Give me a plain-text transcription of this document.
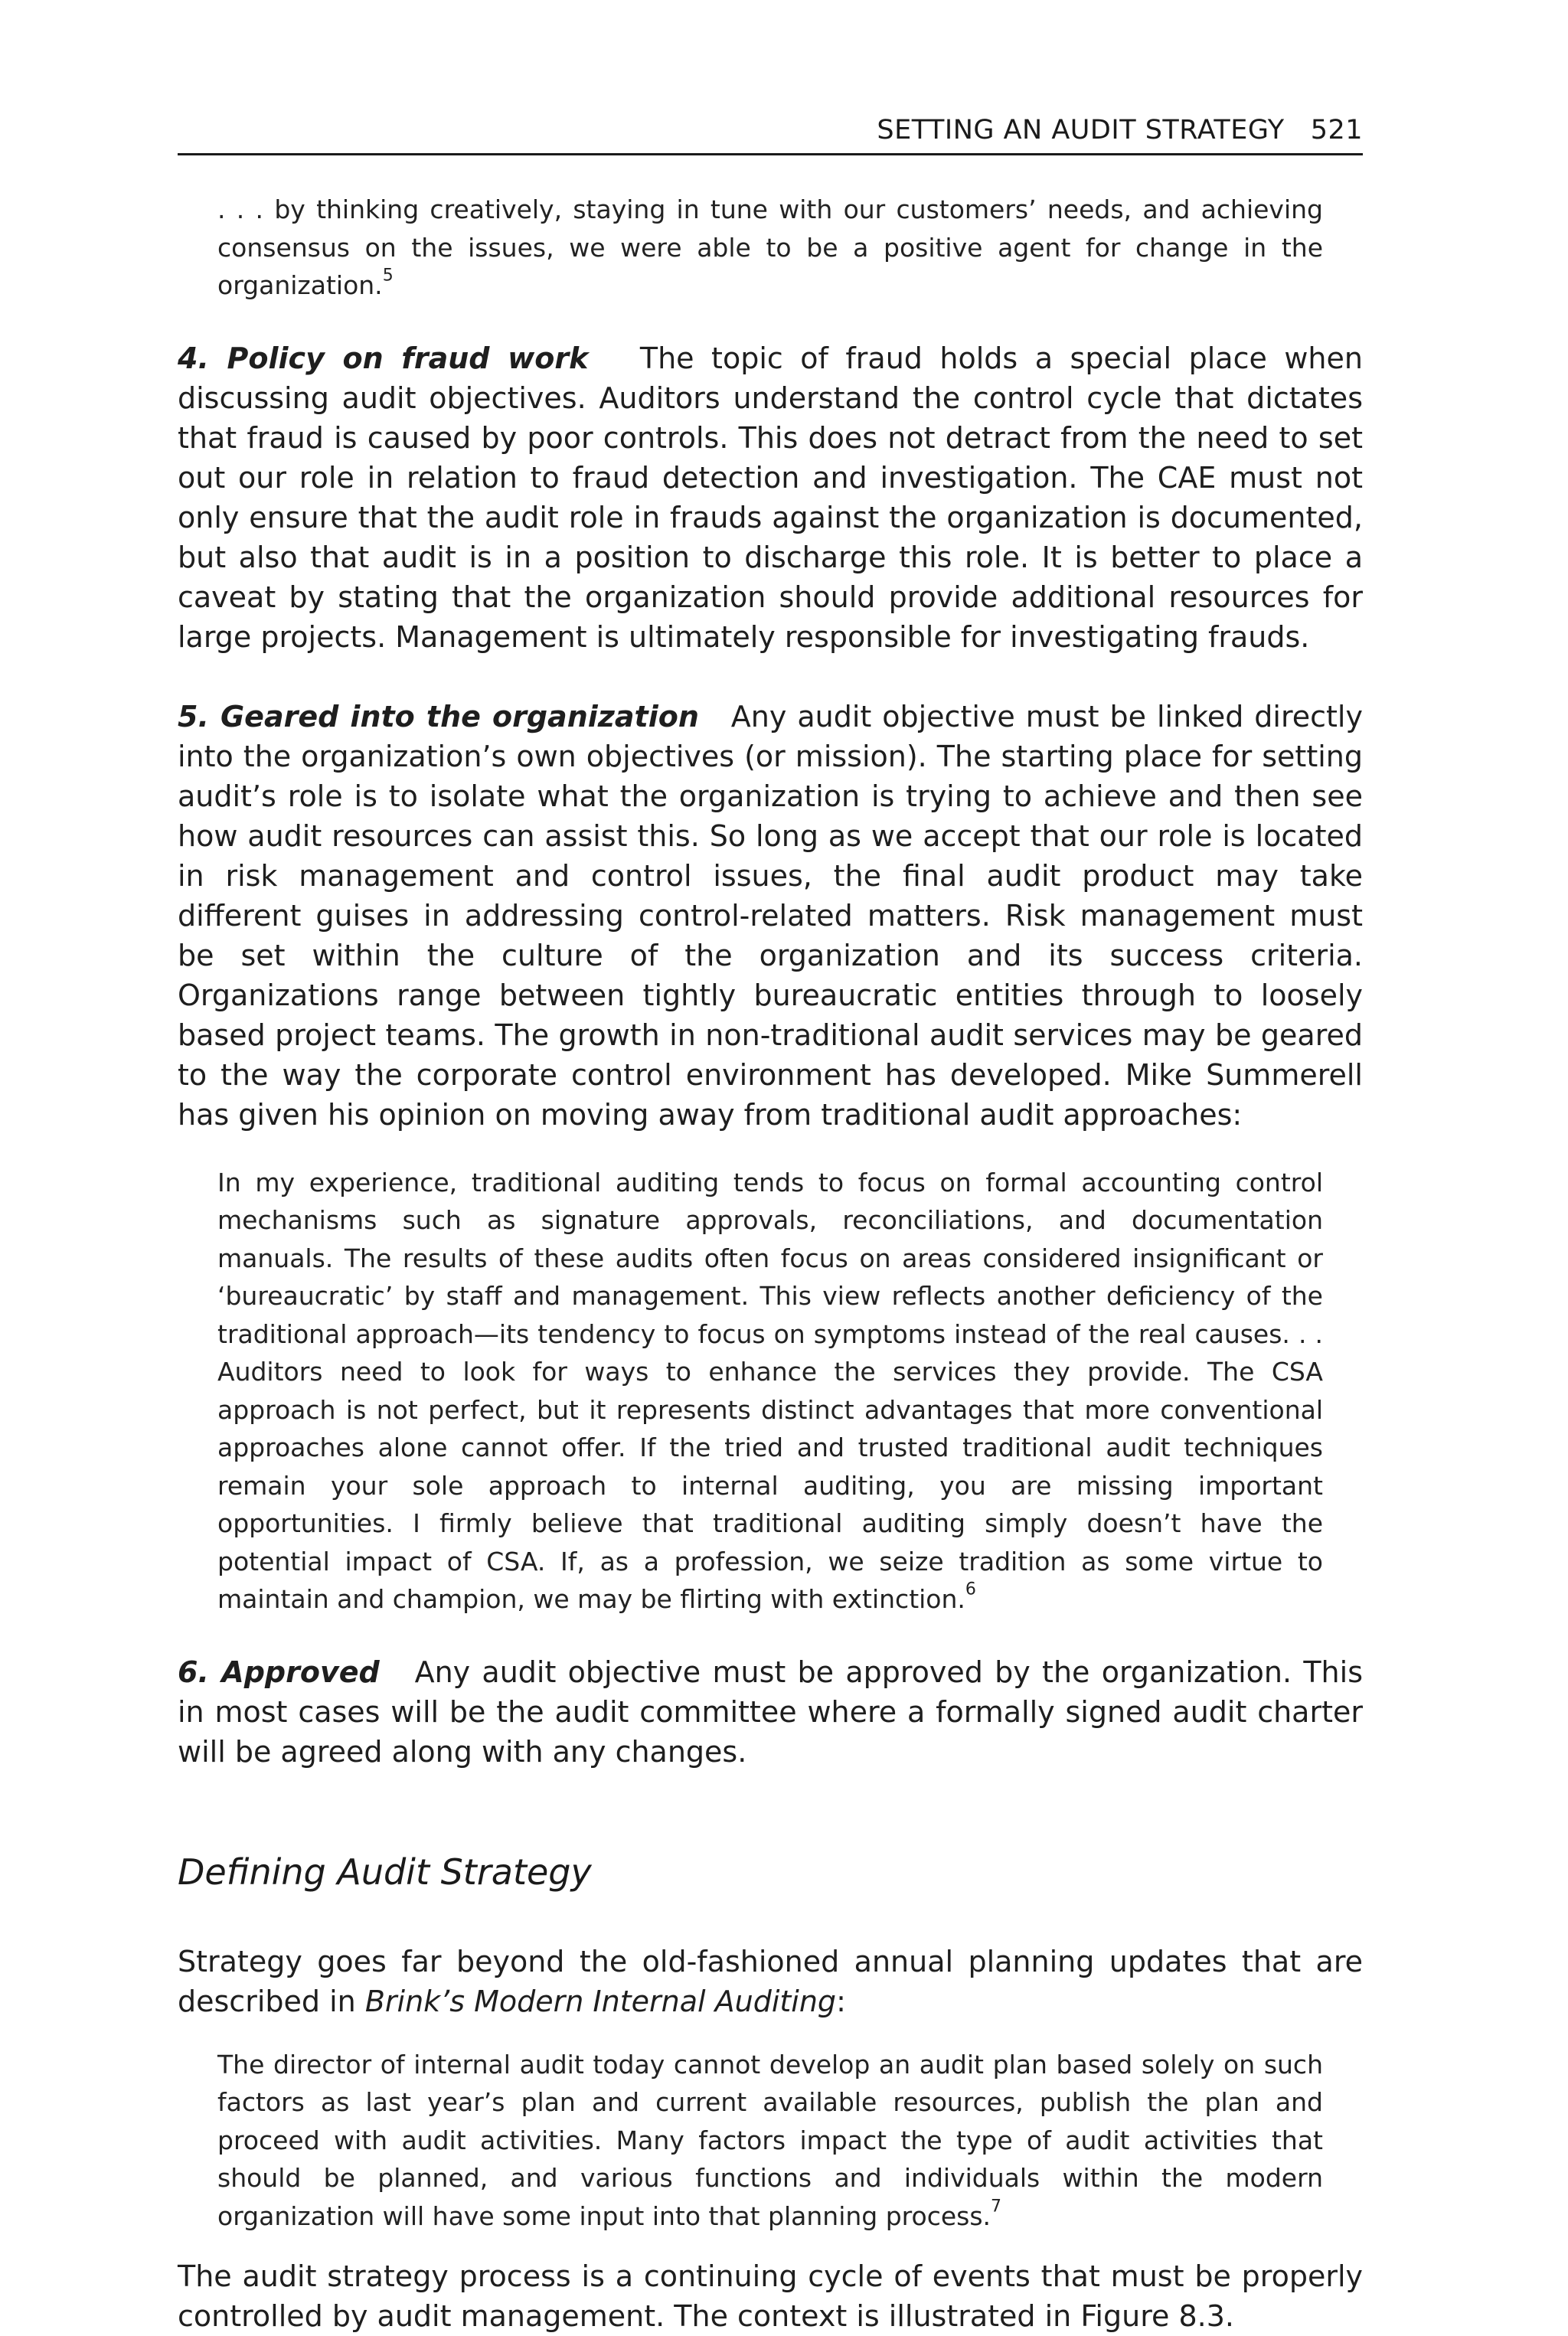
SETTING AN AUDIT STRATEGY 521
. . . by thinking creatively, staying in tune with our customers’ needs, and achieving consensus on the issues, we were able to be a positive agent for change in the organization.$^5$
4. Policy on fraud work The topic of fraud holds a special place when discussing audit objectives. Auditors understand the control cycle that dictates that fraud is caused by poor controls. This does not detract from the need to set out our role in relation to fraud detection and investigation. The CAE must not only ensure that the audit role in frauds against the organization is documented, but also that audit is in a position to discharge this role. It is better to place a caveat by stating that the organization should provide additional resources for large projects. Management is ultimately responsible for investigating frauds.
5. Geared into the organization Any audit objective must be linked directly into the organization’s own objectives (or mission). The starting place for setting audit’s role is to isolate what the organization is trying to achieve and then see how audit resources can assist this. So long as we accept that our role is located in risk management and control issues, the final audit product may take different guises in addressing control-related matters. Risk management must be set within the culture of the organization and its success criteria. Organizations range between tightly bureaucratic entities through to loosely based project teams. The growth in non-traditional audit services may be geared to the way the corporate control environment has developed. Mike Summerell has given his opinion on moving away from traditional audit approaches:
In my experience, traditional auditing tends to focus on formal accounting control mechanisms such as signature approvals, reconciliations, and documentation manuals. The results of these audits often focus on areas considered insignificant or ‘bureaucratic’ by staff and management. This view reflects another deficiency of the traditional approach—its tendency to focus on symptoms instead of the real causes. . . Auditors need to look for ways to enhance the services they provide. The CSA approach is not perfect, but it represents distinct advantages that more conventional approaches alone cannot offer. If the tried and trusted traditional audit techniques remain your sole approach to internal auditing, you are missing important opportunities. I firmly believe that traditional auditing simply doesn’t have the potential impact of CSA. If, as a profession, we seize tradition as some virtue to maintain and champion, we may be flirting with extinction.$^6$
6. Approved Any audit objective must be approved by the organization. This in most cases will be the audit committee where a formally signed audit charter will be agreed along with any changes.
Defining Audit Strategy
Strategy goes far beyond the old-fashioned annual planning updates that are described in Brink’s Modern Internal Auditing:
The director of internal audit today cannot develop an audit plan based solely on such factors as last year’s plan and current available resources, publish the plan and proceed with audit activities. Many factors impact the type of audit activities that should be planned, and various functions and individuals within the modern organization will have some input into that planning process.$^7$
The audit strategy process is a continuing cycle of events that must be properly controlled by audit management. The context is illustrated in Figure 8.3.
